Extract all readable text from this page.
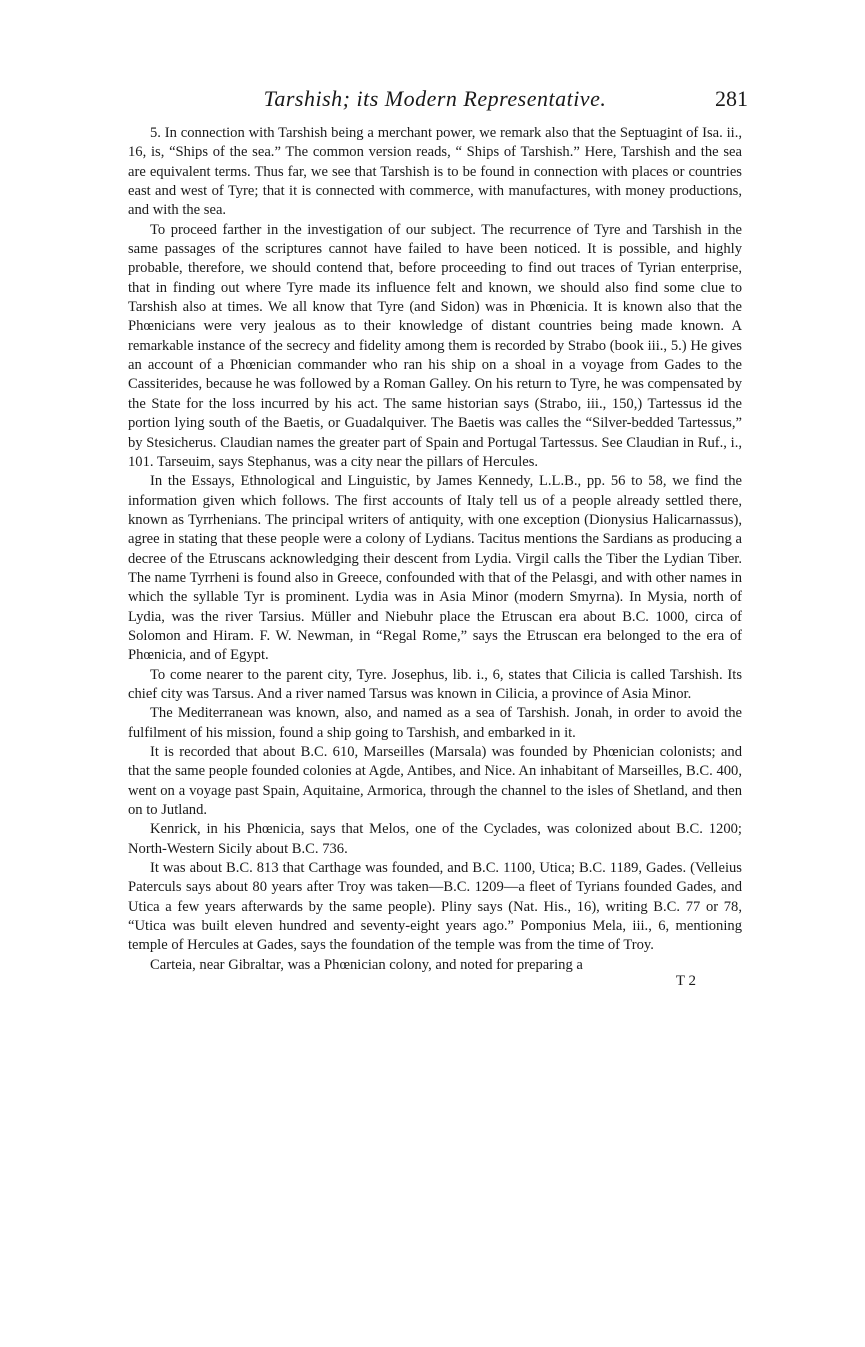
Tarshish; its Modern Representative.	281

5. In connection with Tarshish being a merchant power, we remark also that the Septuagint of Isa. ii., 16, is, “Ships of the sea.” The common version reads, “ Ships of Tarshish.” Here, Tarshish and the sea are equivalent terms. Thus far, we see that Tarshish is to be found in connection with places or countries east and west of Tyre; that it is connected with commerce, with manufactures, with money productions, and with the sea.

To proceed farther in the investigation of our subject. The recurrence of Tyre and Tarshish in the same passages of the scriptures cannot have failed to have been noticed. It is possible, and highly probable, therefore, we should contend that, before proceeding to find out traces of Tyrian enterprise, that in finding out where Tyre made its influence felt and known, we should also find some clue to Tarshish also at times. We all know that Tyre (and Sidon) was in Phœnicia. It is known also that the Phœnicians were very jealous as to their knowledge of distant countries being made known. A remarkable instance of the secrecy and fidelity among them is recorded by Strabo (book iii., 5.) He gives an account of a Phœnician commander who ran his ship on a shoal in a voyage from Gades to the Cassiterides, because he was followed by a Roman Galley. On his return to Tyre, he was compensated by the State for the loss incurred by his act. The same historian says (Strabo, iii., 150,) Tartessus id the portion lying south of the Baetis, or Guadalquiver. The Baetis was calles the “Silver-bedded Tartessus,” by Stesicherus. Claudian names the greater part of Spain and Portugal Tartessus. See Claudian in Ruf., i., 101. Tarseuim, says Stephanus, was a city near the pillars of Hercules.

In the Essays, Ethnological and Linguistic, by James Kennedy, L.L.B., pp. 56 to 58, we find the information given which follows. The first accounts of Italy tell us of a people already settled there, known as Tyrrhenians. The principal writers of antiquity, with one exception (Dionysius Halicarnassus), agree in stating that these people were a colony of Lydians. Tacitus mentions the Sardians as producing a decree of the Etruscans acknowledging their descent from Lydia. Virgil calls the Tiber the Lydian Tiber. The name Tyrrheni is found also in Greece, confounded with that of the Pelasgi, and with other names in which the syllable Tyr is prominent. Lydia was in Asia Minor (modern Smyrna). In Mysia, north of Lydia, was the river Tarsius. Müller and Niebuhr place the Etruscan era about B.C. 1000, circa of Solomon and Hiram. F. W. Newman, in “Regal Rome,” says the Etruscan era belonged to the era of Phœnicia, and of Egypt.

To come nearer to the parent city, Tyre. Josephus, lib. i., 6, states that Cilicia is called Tarshish. Its chief city was Tarsus. And a river named Tarsus was known in Cilicia, a province of Asia Minor.

The Mediterranean was known, also, and named as a sea of Tarshish. Jonah, in order to avoid the fulfilment of his mission, found a ship going to Tarshish, and embarked in it.

It is recorded that about B.C. 610, Marseilles (Marsala) was founded by Phœnician colonists; and that the same people founded colonies at Agde, Antibes, and Nice. An inhabitant of Marseilles, B.C. 400, went on a voyage past Spain, Aquitaine, Armorica, through the channel to the isles of Shetland, and then on to Jutland.

Kenrick, in his Phœnicia, says that Melos, one of the Cyclades, was colonized about B.C. 1200; North-Western Sicily about B.C. 736.

It was about B.C. 813 that Carthage was founded, and B.C. 1100, Utica; B.C. 1189, Gades. (Velleius Paterculs says about 80 years after Troy was taken—B.C. 1209—a fleet of Tyrians founded Gades, and Utica a few years afterwards by the same people). Pliny says (Nat. His., 16), writing B.C. 77 or 78, “Utica was built eleven hundred and seventy-eight years ago.” Pomponius Mela, iii., 6, mentioning temple of Hercules at Gades, says the foundation of the temple was from the time of Troy.

Carteia, near Gibraltar, was a Phœnician colony, and noted for preparing a

T 2
